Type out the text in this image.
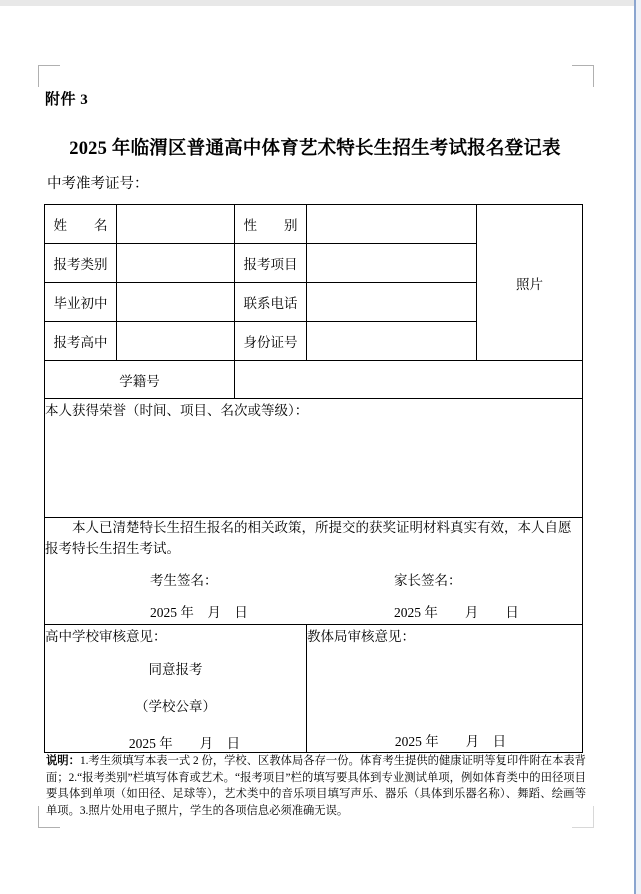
附件 3
2025 年临渭区普通高中体育艺术特长生招生考试报名登记表
中考准考证号：
姓　　名		性　　别		照片
报考类别		报考项目		
毕业初中		联系电话		
报考高中		身份证号		
学籍号				

本人获得荣誉（时间、项目、名次或等级）：				

本人已清楚特长生招生报名的相关政策，所提交的获奖证明材料真实有效，本人自愿报考特长生招生考试。

考生签名：
2025 年　月　日
家长签名：
2025 年　　月　　日				

高中学校审核意见：
同意报考
（学校公章）
2025 年　　月　日

教体局审核意见：
2025 年　　月　日
说明：1.考生须填写本表一式 2 份，学校、区教体局各存一份。体育考生提供的健康证明等复印件附在本表背面；2.“报考类别”栏填写体育或艺术。“报考项目”栏的填写要具体到专业测试单项，例如体育类中的田径项目要具体到单项（如田径、足球等），艺术类中的音乐项目填写声乐、器乐（具体到乐器名称）、舞蹈、绘画等单项。3.照片处用电子照片，学生的各项信息必须准确无误。
